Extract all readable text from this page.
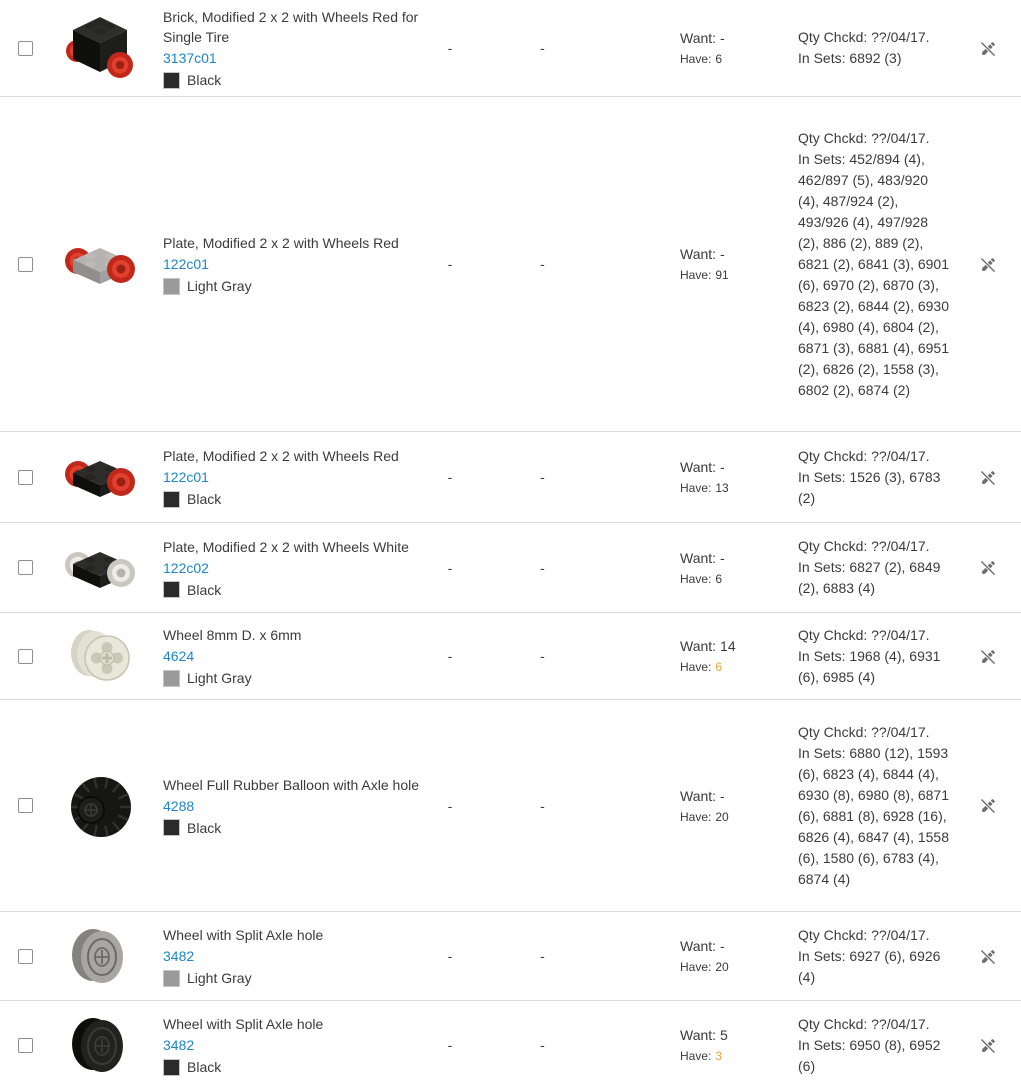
Brick, Modified 2 x 2 with Wheels Red for Single Tire
3137c01
Black
-	-
Want: -
Have: 6
Qty Chckd: ??/04/17.
In Sets: 6892 (3)
Plate, Modified 2 x 2 with Wheels Red
122c01
Light Gray
-	-
Want: -
Have: 91
Qty Chckd: ??/04/17.
In Sets: 452/894 (4), 462/897 (5), 483/920 (4), 487/924 (2), 493/926 (4), 497/928 (2), 886 (2), 889 (2), 6821 (2), 6841 (3), 6901 (6), 6970 (2), 6870 (3), 6823 (2), 6844 (2), 6930 (4), 6980 (4), 6804 (2), 6871 (3), 6881 (4), 6951 (2), 6826 (2), 1558 (3), 6802 (2), 6874 (2)
Plate, Modified 2 x 2 with Wheels Red
122c01
Black
-	-
Want: -
Have: 13
Qty Chckd: ??/04/17.
In Sets: 1526 (3), 6783 (2)
Plate, Modified 2 x 2 with Wheels White
122c02
Black
-	-
Want: -
Have: 6
Qty Chckd: ??/04/17.
In Sets: 6827 (2), 6849 (2), 6883 (4)
Wheel 8mm D. x 6mm
4624
Light Gray
-	-
Want: 14
Have: 6
Qty Chckd: ??/04/17.
In Sets: 1968 (4), 6931 (6), 6985 (4)
Wheel Full Rubber Balloon with Axle hole
4288
Black
-	-
Want: -
Have: 20
Qty Chckd: ??/04/17.
In Sets: 6880 (12), 1593 (6), 6823 (4), 6844 (4), 6930 (8), 6980 (8), 6871 (6), 6881 (8), 6928 (16), 6826 (4), 6847 (4), 1558 (6), 1580 (6), 6783 (4), 6874 (4)
Wheel with Split Axle hole
3482
Light Gray
-	-
Want: -
Have: 20
Qty Chckd: ??/04/17.
In Sets: 6927 (6), 6926 (4)
Wheel with Split Axle hole
3482
Black
-	-
Want: 5
Have: 3
Qty Chckd: ??/04/17.
In Sets: 6950 (8), 6952 (6)
